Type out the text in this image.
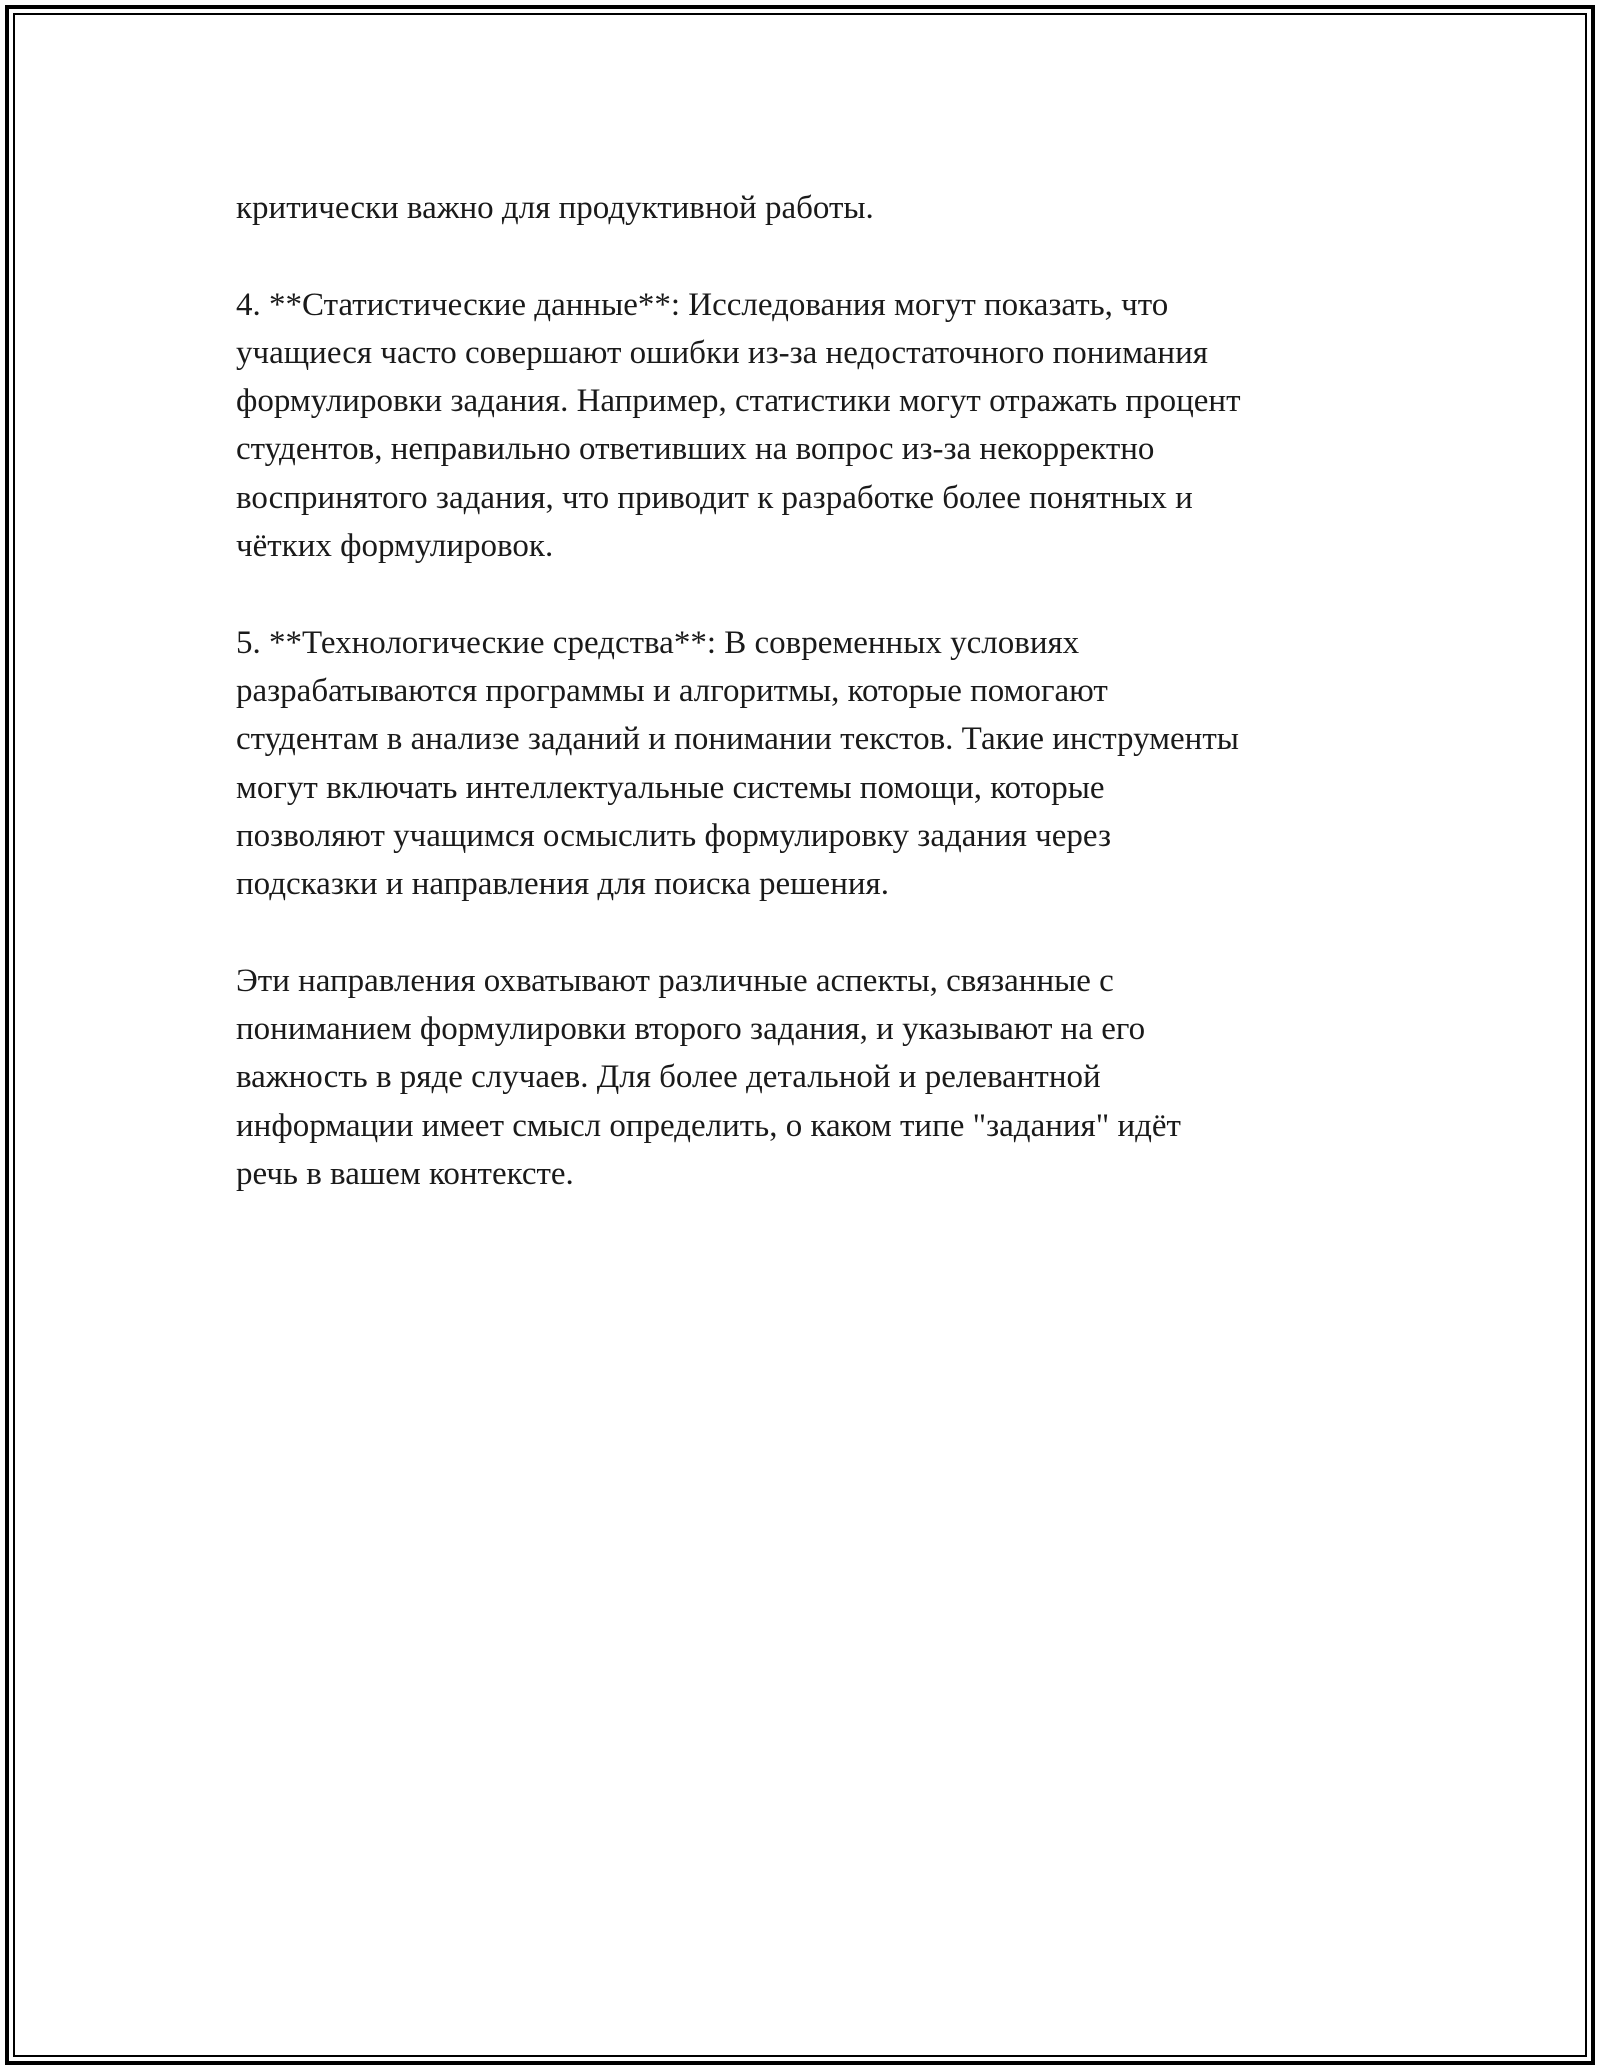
критически важно для продуктивной работы.

4. **Статистические данные**: Исследования могут показать, что
учащиеся часто совершают ошибки из-за недостаточного понимания
формулировки задания. Например, статистики могут отражать процент
студентов, неправильно ответивших на вопрос из-за некорректно
воспринятого задания, что приводит к разработке более понятных и
чётких формулировок.

5. **Технологические средства**: В современных условиях
разрабатываются программы и алгоритмы, которые помогают
студентам в анализе заданий и понимании текстов. Такие инструменты
могут включать интеллектуальные системы помощи, которые
позволяют учащимся осмыслить формулировку задания через
подсказки и направления для поиска решения.

Эти направления охватывают различные аспекты, связанные с
пониманием формулировки второго задания, и указывают на его
важность в ряде случаев. Для более детальной и релевантной
информации имеет смысл определить, о каком типе "задания" идёт
речь в вашем контексте.
